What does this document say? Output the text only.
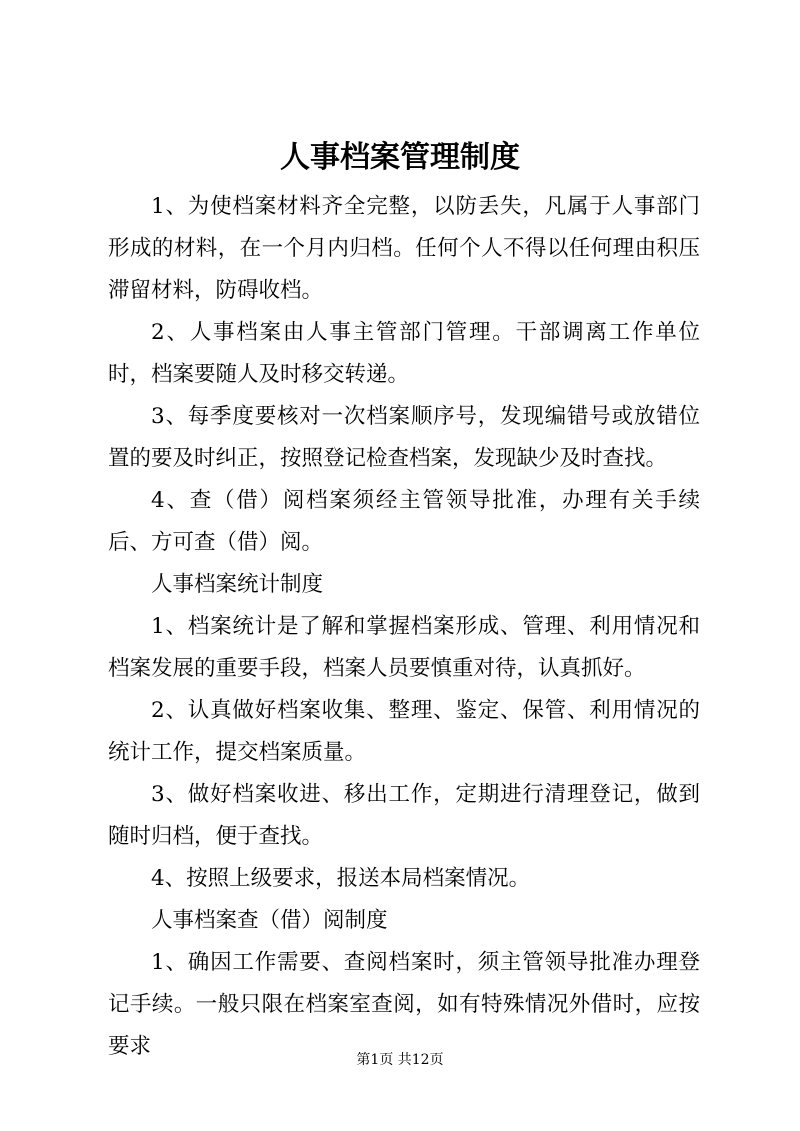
人事档案管理制度

1、为使档案材料齐全完整，以防丢失，凡属于人事部门形成的材料，在一个月内归档。任何个人不得以任何理由积压滞留材料，防碍收档。

2、人事档案由人事主管部门管理。干部调离工作单位时，档案要随人及时移交转递。

3、每季度要核对一次档案顺序号，发现编错号或放错位置的要及时纠正，按照登记检查档案，发现缺少及时查找。

4、查（借）阅档案须经主管领导批准，办理有关手续后、方可查（借）阅。

人事档案统计制度

1、档案统计是了解和掌握档案形成、管理、利用情况和档案发展的重要手段，档案人员要慎重对待，认真抓好。

2、认真做好档案收集、整理、鉴定、保管、利用情况的统计工作，提交档案质量。

3、做好档案收进、移出工作，定期进行清理登记，做到随时归档，便于查找。

4、按照上级要求，报送本局档案情况。

人事档案查（借）阅制度

1、确因工作需要、查阅档案时，须主管领导批准办理登记手续。一般只限在档案室查阅，如有特殊情况外借时，应按要求

第1页 共12页
